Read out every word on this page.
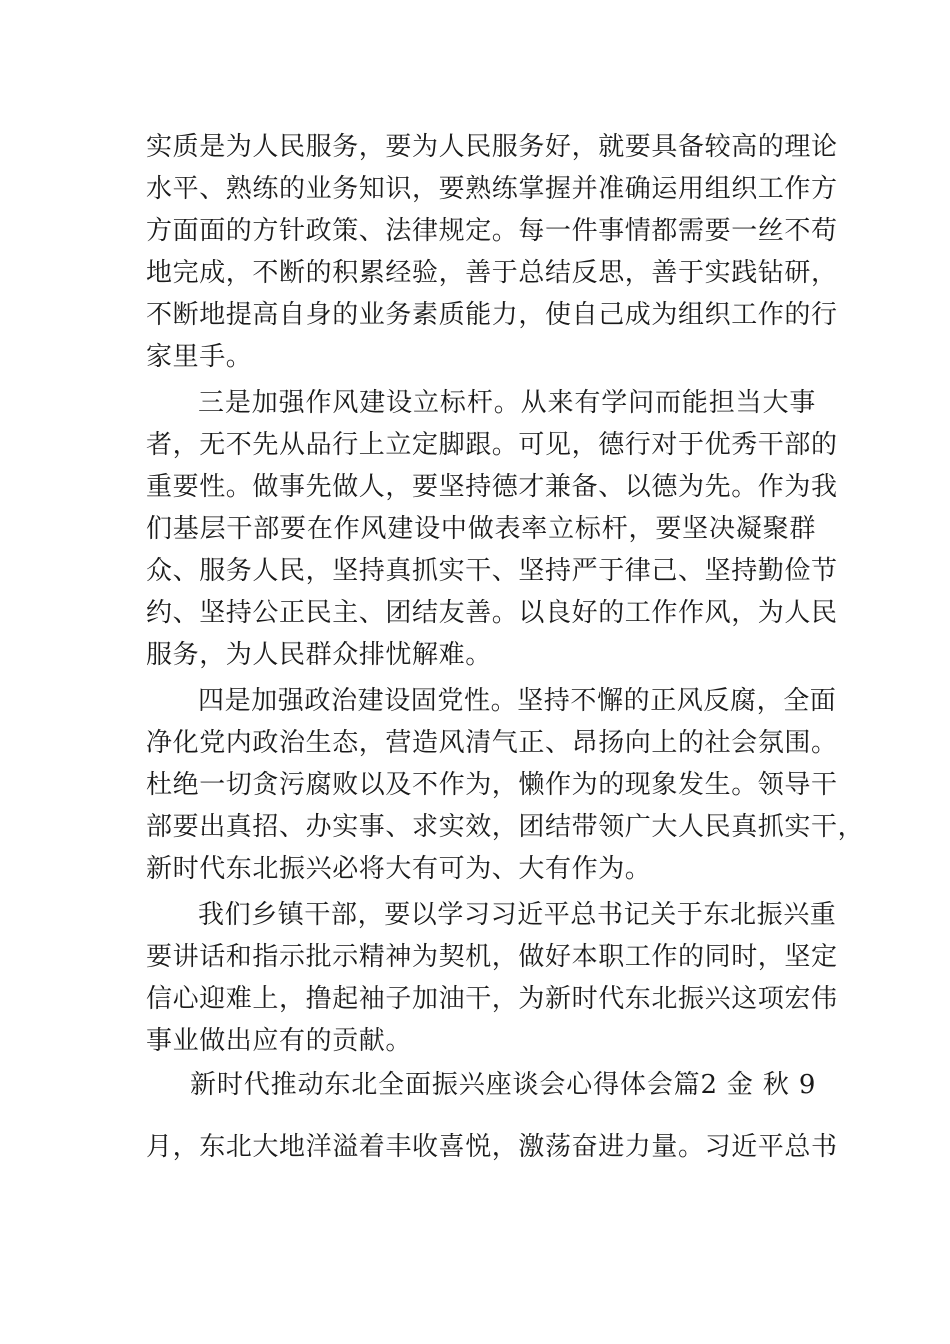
实质是为人民服务，要为人民服务好，就要具备较高的理论
水平、熟练的业务知识，要熟练掌握并准确运用组织工作方
方面面的方针政策、法律规定。每一件事情都需要一丝不苟
地完成，不断的积累经验，善于总结反思，善于实践钻研，
不断地提高自身的业务素质能力，使自己成为组织工作的行
家里手。
三是加强作风建设立标杆。从来有学问而能担当大事
者，无不先从品行上立定脚跟。可见，德行对于优秀干部的
重要性。做事先做人，要坚持德才兼备、以德为先。作为我
们基层干部要在作风建设中做表率立标杆，要坚决凝聚群
众、服务人民，坚持真抓实干、坚持严于律己、坚持勤俭节
约、坚持公正民主、团结友善。以良好的工作作风，为人民
服务，为人民群众排忧解难。
四是加强政治建设固党性。坚持不懈的正风反腐，全面
净化党内政治生态，营造风清气正、昂扬向上的社会氛围。
杜绝一切贪污腐败以及不作为，懒作为的现象发生。领导干
部要出真招、办实事、求实效，团结带领广大人民真抓实干，
新时代东北振兴必将大有可为、大有作为。
我们乡镇干部，要以学习习近平总书记关于东北振兴重
要讲话和指示批示精神为契机，做好本职工作的同时，坚定
信心迎难上，撸起袖子加油干，为新时代东北振兴这项宏伟
事业做出应有的贡献。
新时代推动东北全面振兴座谈会心得体会篇2 金 秋 9
月，东北大地洋溢着丰收喜悦，激荡奋进力量。习近平总书
